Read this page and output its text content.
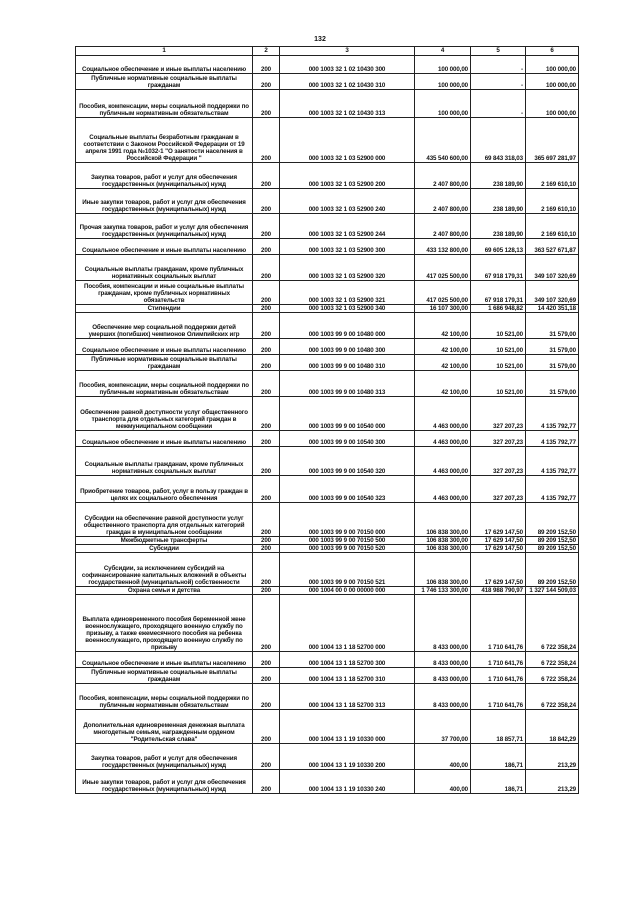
132
1	2	3	4	5	6
Социальное обеспечение и иные выплаты населению	200	000 1003 32 1 02 10430 300	100 000,00	-	100 000,00
Публичные нормативные социальные выплаты гражданам	200	000 1003 32 1 02 10430 310	100 000,00	-	100 000,00
Пособия, компенсации, меры социальной поддержки по публичным нормативным обязательствам	200	000 1003 32 1 02 10430 313	100 000,00	-	100 000,00
Социальные выплаты безработным гражданам в соответствии с Законом Российской Федерации от 19 апреля 1991 года №1032-1 "О занятости населения в Российской Федерации "	200	000 1003 32 1 03 52900 000	435 540 600,00	69 843 318,03	365 697 281,97
Закупка товаров, работ и услуг для обеспечения государственных (муниципальных) нужд	200	000 1003 32 1 03 52900 200	2 407 800,00	238 189,90	2 169 610,10
Иные закупки товаров, работ и услуг для обеспечения государственных (муниципальных) нужд	200	000 1003 32 1 03 52900 240	2 407 800,00	238 189,90	2 169 610,10
Прочая закупка товаров, работ и услуг для обеспечения государственных (муниципальных) нужд	200	000 1003 32 1 03 52900 244	2 407 800,00	238 189,90	2 169 610,10
Социальное обеспечение и иные выплаты населению	200	000 1003 32 1 03 52900 300	433 132 800,00	69 605 128,13	363 527 671,87
Социальные выплаты гражданам, кроме публичных нормативных социальных выплат	200	000 1003 32 1 03 52900 320	417 025 500,00	67 918 179,31	349 107 320,69
Пособия, компенсации и иные социальные выплаты гражданам, кроме публичных нормативных обязательств	200	000 1003 32 1 03 52900 321	417 025 500,00	67 918 179,31	349 107 320,69
Стипендии	200	000 1003 32 1 03 52900 340	16 107 300,00	1 686 948,82	14 420 351,18
Обеспечение мер социальной поддержки детей умерших (погибших) чемпионов Олимпийских игр	200	000 1003 99 9 00 10480 000	42 100,00	10 521,00	31 579,00
Социальное обеспечение и иные выплаты населению	200	000 1003 99 9 00 10480 300	42 100,00	10 521,00	31 579,00
Публичные нормативные социальные выплаты гражданам	200	000 1003 99 9 00 10480 310	42 100,00	10 521,00	31 579,00
Пособия, компенсации, меры социальной поддержки по публичным нормативным обязательствам	200	000 1003 99 9 00 10480 313	42 100,00	10 521,00	31 579,00
Обеспечение равной доступности услуг общественного транспорта для отдельных категорий граждан в межмуниципальном сообщении	200	000 1003 99 9 00 10540 000	4 463 000,00	327 207,23	4 135 792,77
Социальное обеспечение и иные выплаты населению	200	000 1003 99 9 00 10540 300	4 463 000,00	327 207,23	4 135 792,77
Социальные выплаты гражданам, кроме публичных нормативных социальных выплат	200	000 1003 99 9 00 10540 320	4 463 000,00	327 207,23	4 135 792,77
Приобретение товаров, работ, услуг в пользу граждан в целях их социального обеспечения	200	000 1003 99 9 00 10540 323	4 463 000,00	327 207,23	4 135 792,77
Субсидии на обеспечение равной доступности услуг общественного транспорта для отдельных категорий граждан в муниципальном сообщении	200	000 1003 99 9 00 70150 000	106 838 300,00	17 629 147,50	89 209 152,50
Межбюджетные трансферты	200	000 1003 99 9 00 70150 500	106 838 300,00	17 629 147,50	89 209 152,50
Субсидии	200	000 1003 99 9 00 70150 520	106 838 300,00	17 629 147,50	89 209 152,50
Субсидии, за исключением субсидий на софинансирование капитальных вложений в объекты государственной (муниципальной) собственности	200	000 1003 99 9 00 70150 521	106 838 300,00	17 629 147,50	89 209 152,50
Охрана семьи и детства	200	000 1004 00 0 00 00000 000	1 746 133 300,00	418 988 790,97	1 327 144 509,03
Выплата единовременного пособия беременной жене военнослужащего, проходящего военную службу по призыву, а также ежемесячного пособия на ребенка военнослужащего, проходящего военную службу по призыву	200	000 1004 13 1 18 52700 000	8 433 000,00	1 710 641,76	6 722 358,24
Социальное обеспечение и иные выплаты населению	200	000 1004 13 1 18 52700 300	8 433 000,00	1 710 641,76	6 722 358,24
Публичные нормативные социальные выплаты гражданам	200	000 1004 13 1 18 52700 310	8 433 000,00	1 710 641,76	6 722 358,24
Пособия, компенсации, меры социальной поддержки по публичным нормативным обязательствам	200	000 1004 13 1 18 52700 313	8 433 000,00	1 710 641,76	6 722 358,24
Дополнительная единовременная денежная выплата многодетным семьям, награжденным орденом "Родительская слава"	200	000 1004 13 1 19 10330 000	37 700,00	18 857,71	18 842,29
Закупка товаров, работ и услуг для обеспечения государственных (муниципальных) нужд	200	000 1004 13 1 19 10330 200	400,00	186,71	213,29
Иные закупки товаров, работ и услуг для обеспечения государственных (муниципальных) нужд	200	000 1004 13 1 19 10330 240	400,00	186,71	213,29
